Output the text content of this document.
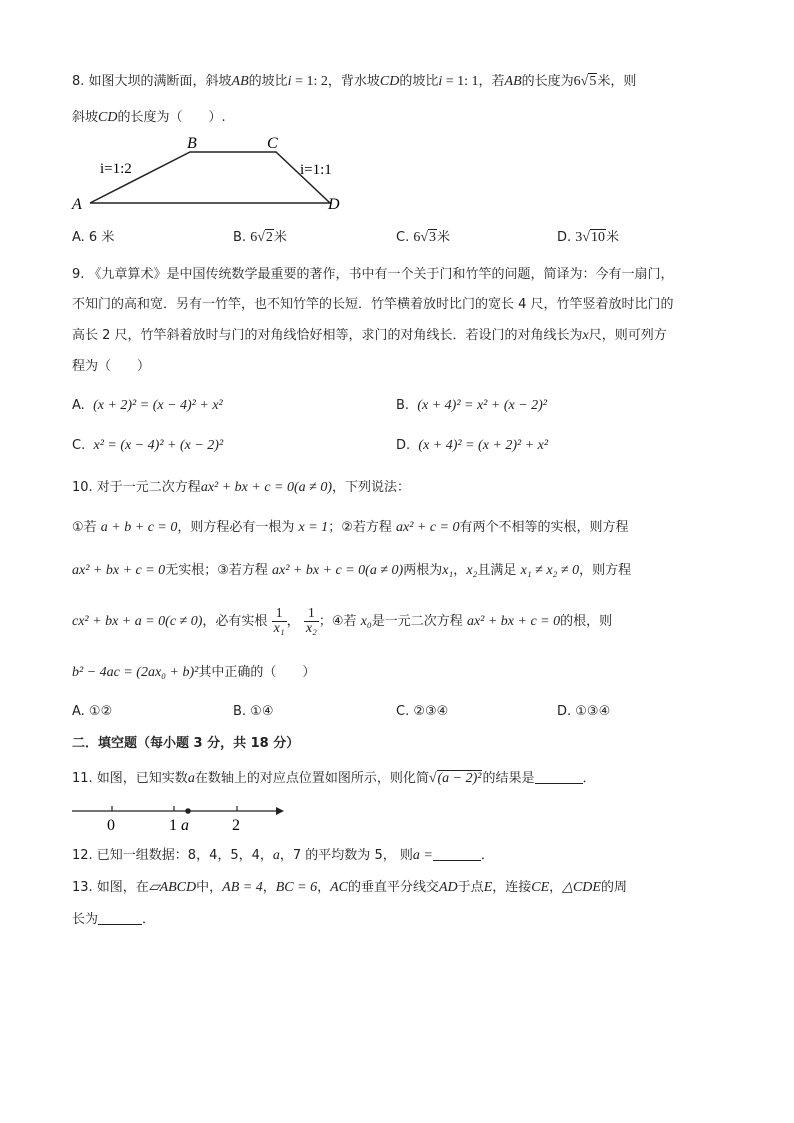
8. 如图大坝的满断面，斜坡AB的坡比i = 1: 2，背水坡CD的坡比i = 1: 1，若AB的长度为6√5米，则
斜坡CD的长度为（　　）.
A
B	C
D
i=1:2	i=1:1
A. 6 米	B. 6√2米	C. 6√3米	D. 3√10米
9. 《九章算术》是中国传统数学最重要的著作，书中有一个关于门和竹竿的问题，简译为：今有一扇门，
不知门的高和宽．另有一竹竿，也不知竹竿的长短．竹竿横着放时比门的宽长 4 尺，竹竿竖着放时比门的
高长 2 尺，竹竿斜着放时与门的对角线恰好相等，求门的对角线长．若设门的对角线长为x尺，则可列方
程为（　　）
A. (x + 2)² = (x − 4)² + x²	B. (x + 4)² = x² + (x − 2)²
C. x² = (x − 4)² + (x − 2)²	D. (x + 4)² = (x + 2)² + x²
10. 对于一元二次方程ax² + bx + c = 0(a ≠ 0)，下列说法：
①若 a + b + c = 0，则方程必有一根为 x = 1；②若方程 ax² + c = 0有两个不相等的实根，则方程
ax² + bx + c = 0无实根；③若方程 ax² + bx + c = 0(a ≠ 0)两根为x₁，x₂且满足 x₁ ≠ x₂ ≠ 0，则方程
cx² + bx + a = 0(c ≠ 0)，必有实根 $\frac{1}{\text{x₁}}$ ， $\frac{1}{\text{x₂}}$ ；④若 x₀是一元二次方程 ax² + bx + c = 0的根，则
b² − 4ac = (2ax₀ + b)²其中正确的（　　）
A. ①②	B. ①④	C. ②③④	D. ①③④
二．填空题（每小题 3 分，共 18 分）
11. 如图，已知实数a在数轴上的对应点位置如图所示，则化简√(a − 2)²的结果是	．
0	1 a	2
12. 已知一组数据：8，4，5，4，a，7 的平均数为 5， 则a =	．
13. 如图，在▱ABCD中，AB = 4，BC = 6，AC的垂直平分线交AD于点E，连接CE，△CDE的周
长为	．
